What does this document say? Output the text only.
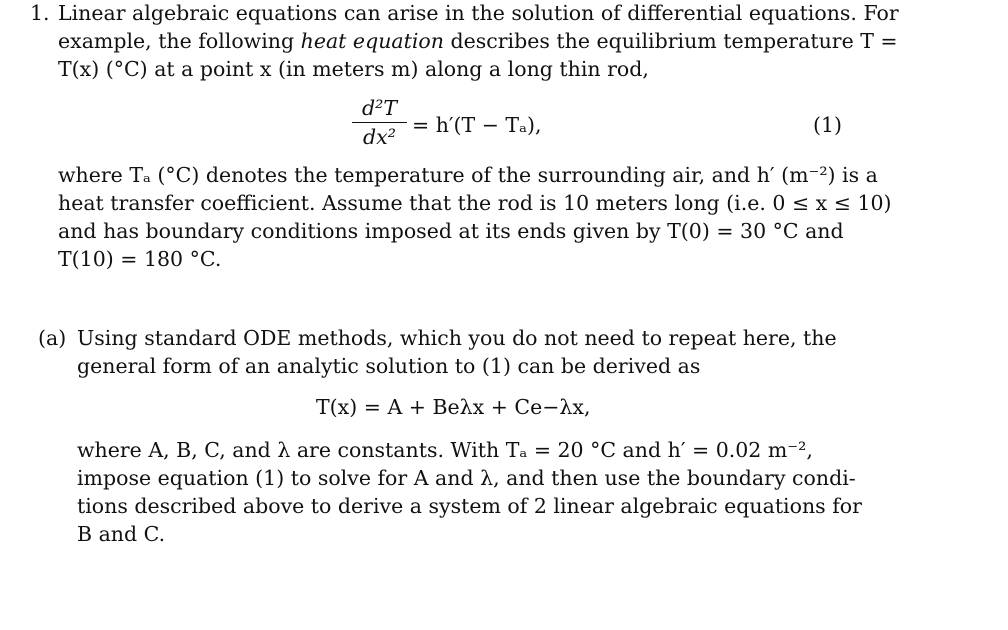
1. Linear algebraic equations can arise in the solution of differential equations. For
example, the following heat equation describes the equilibrium temperature T =
T(x) (°C) at a point x (in meters m) along a long thin rod,
d²T
dx² = h′(T − Tₐ),	(1)
where Tₐ (°C) denotes the temperature of the surrounding air, and h′ (m⁻²) is a
heat transfer coefficient. Assume that the rod is 10 meters long (i.e. 0 ≤ x ≤ 10)
and has boundary conditions imposed at its ends given by T(0) = 30 °C and
T(10) = 180 °C.
(a) Using standard ODE methods, which you do not need to repeat here, the
general form of an analytic solution to (1) can be derived as
T(x) = A + Beλx + Ce−λx,
where A, B, C, and λ are constants. With Tₐ = 20 °C and h′ = 0.02 m⁻²,
impose equation (1) to solve for A and λ, and then use the boundary condi-
tions described above to derive a system of 2 linear algebraic equations for
B and C.
